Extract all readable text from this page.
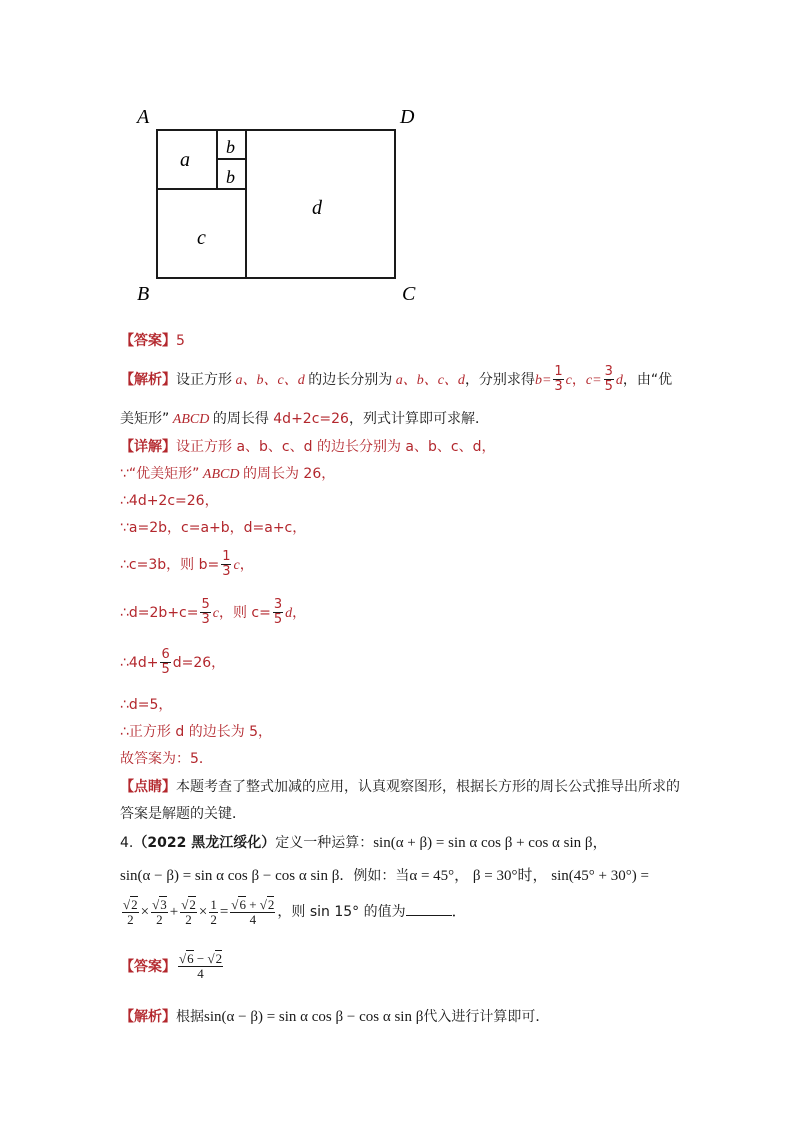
A	D
B	C
a
b
b
c
d
【答案】5
【解析】设正方形 a、b、c、d 的边长分别为 a、b、c、d，分别求得$b= \frac{1}{3}$ c，$c= \frac{3}{5}$ d，由“优
美矩形” ABCD 的周长得 4d+2c=26，列式计算即可求解．
【详解】设正方形 a、b、c、d 的边长分别为 a、b、c、d，
∵“优美矩形” ABCD 的周长为 26，
∴4d+2c=26，
∵a=2b，c=a+b，d=a+c，
∴c=3b，则 $b= \frac{1}{3}$ c，
∴d=2b+c= $\frac{5}{3}$ c，则 $c= \frac{3}{5}$ d，
∴4d+ $\frac{6}{5} d=26$，
∴d=5，
∴正方形 d 的边长为 5，
故答案为：5．
【点睛】本题考查了整式加减的应用，认真观察图形，根据长方形的周长公式推导出所求的
答案是解题的关键．
4.（2022 黑龙江绥化）定义一种运算：sin(α + β) = sin α cos β + cos α sin β，
sin(α − β) = sin α cos β − cos α sin β．例如：当α = 45°， β = 30°时， sin(45° + 30°) =
$\frac{√2}{2} \times \frac{√3}{2} + \frac{√2}{2} \times \frac{1}{2} = \frac{√6 + √2}{4}$ ，则 sin 15° 的值为	．
【答案】 $\frac{√6 - √2}{4}$
【解析】根据sin(α − β) = sin α cos β − cos α sin β代入进行计算即可．
